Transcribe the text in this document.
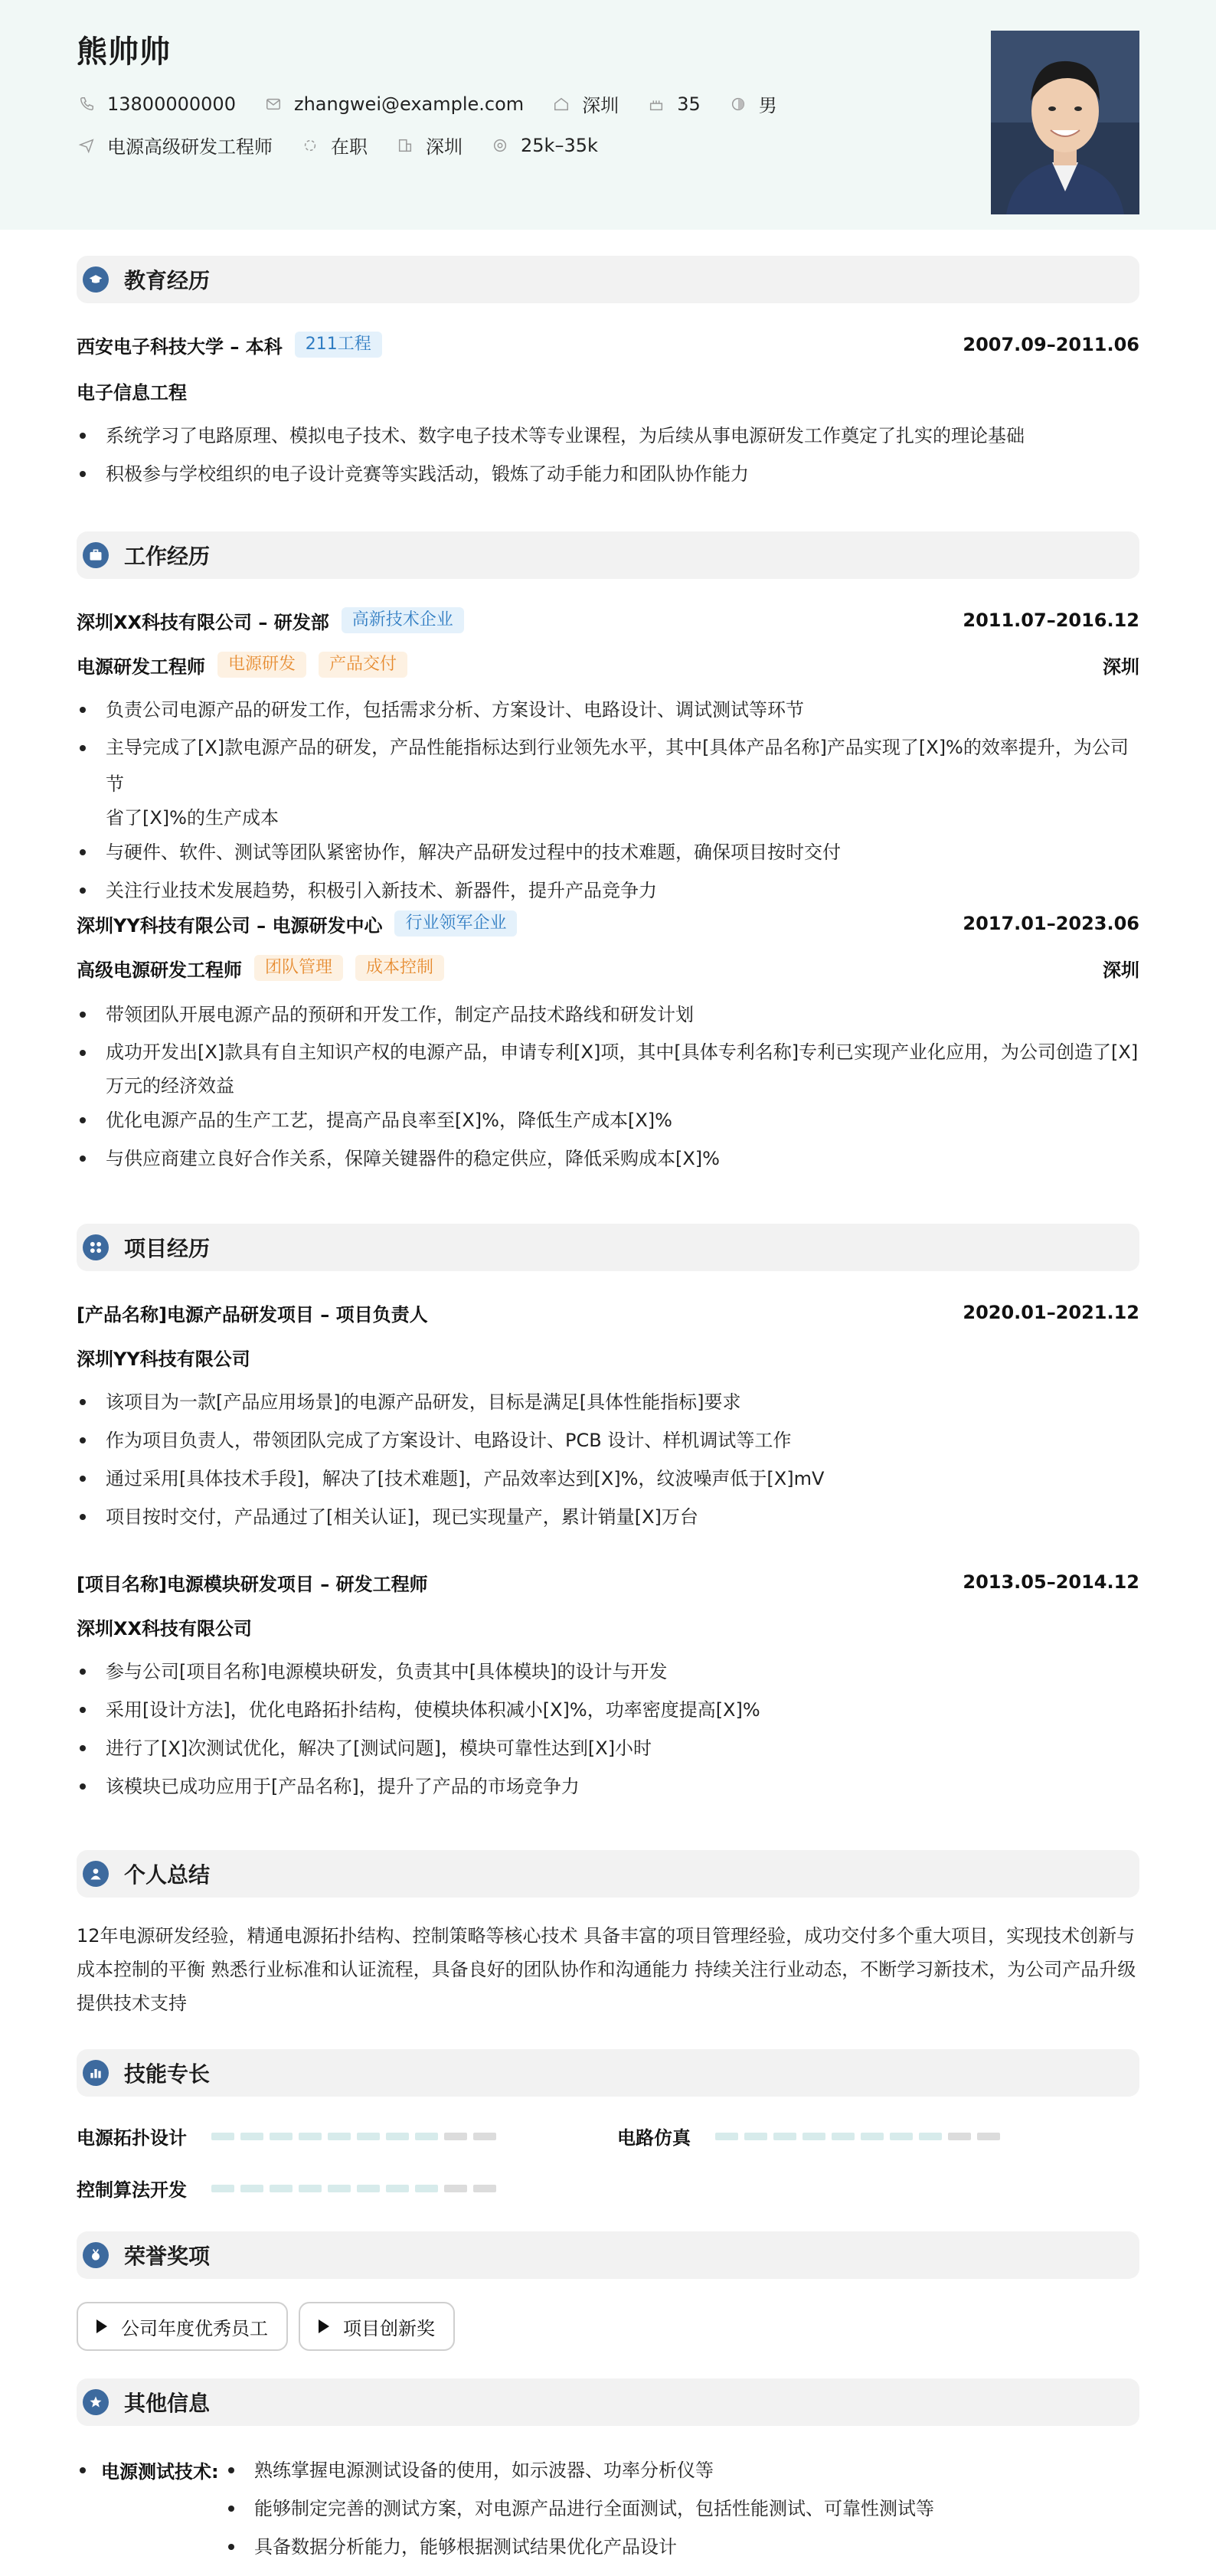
熊帅帅
13800000000	zhangwei@example.com	深圳	35	男
电源高级研发工程师	在职	深圳	25k–35k
教育经历
西安电子科技大学 – 本科	211工程	2007.09–2011.06
电子信息工程
系统学习了电路原理、模拟电子技术、数字电子技术等专业课程，为后续从事电源研发工作奠定了扎实的理论基础
积极参与学校组织的电子设计竞赛等实践活动，锻炼了动手能力和团队协作能力
工作经历
深圳XX科技有限公司 – 研发部	高新技术企业	2011.07–2016.12
电源研发工程师	电源研发	产品交付	深圳
负责公司电源产品的研发工作，包括需求分析、方案设计、电路设计、调试测试等环节
主导完成了[X]款电源产品的研发，产品性能指标达到行业领先水平，其中[具体产品名称]产品实现了[X]%的效率提升，为公司节
省了[X]%的生产成本
与硬件、软件、测试等团队紧密协作，解决产品研发过程中的技术难题，确保项目按时交付
关注行业技术发展趋势，积极引入新技术、新器件，提升产品竞争力
深圳YY科技有限公司 – 电源研发中心	行业领军企业	2017.01–2023.06
高级电源研发工程师	团队管理	成本控制	深圳
带领团队开展电源产品的预研和开发工作，制定产品技术路线和研发计划
成功开发出[X]款具有自主知识产权的电源产品，申请专利[X]项，其中[具体专利名称]专利已实现产业化应用，为公司创造了[X]
万元的经济效益
优化电源产品的生产工艺，提高产品良率至[X]%，降低生产成本[X]%
与供应商建立良好合作关系，保障关键器件的稳定供应，降低采购成本[X]%
项目经历
[产品名称]电源产品研发项目 – 项目负责人	2020.01–2021.12
深圳YY科技有限公司
该项目为一款[产品应用场景]的电源产品研发，目标是满足[具体性能指标]要求
作为项目负责人，带领团队完成了方案设计、电路设计、PCB 设计、样机调试等工作
通过采用[具体技术手段]，解决了[技术难题]，产品效率达到[X]%，纹波噪声低于[X]mV
项目按时交付，产品通过了[相关认证]，现已实现量产，累计销量[X]万台
[项目名称]电源模块研发项目 – 研发工程师	2013.05–2014.12
深圳XX科技有限公司
参与公司[项目名称]电源模块研发，负责其中[具体模块]的设计与开发
采用[设计方法]，优化电路拓扑结构，使模块体积减小[X]%，功率密度提高[X]%
进行了[X]次测试优化，解决了[测试问题]，模块可靠性达到[X]小时
该模块已成功应用于[产品名称]，提升了产品的市场竞争力
个人总结
12年电源研发经验，精通电源拓扑结构、控制策略等核心技术 具备丰富的项目管理经验，成功交付多个重大项目，实现技术创新与
成本控制的平衡 熟悉行业标准和认证流程，具备良好的团队协作和沟通能力 持续关注行业动态，不断学习新技术，为公司产品升级
提供技术支持
技能专长
电源拓扑设计	电路仿真
控制算法开发
荣誉奖项
公司年度优秀员工	项目创新奖
其他信息
电源测试技术:	熟练掌握电源测试设备的使用，如示波器、功率分析仪等
能够制定完善的测试方案，对电源产品进行全面测试，包括性能测试、可靠性测试等
具备数据分析能力，能够根据测试结果优化产品设计
